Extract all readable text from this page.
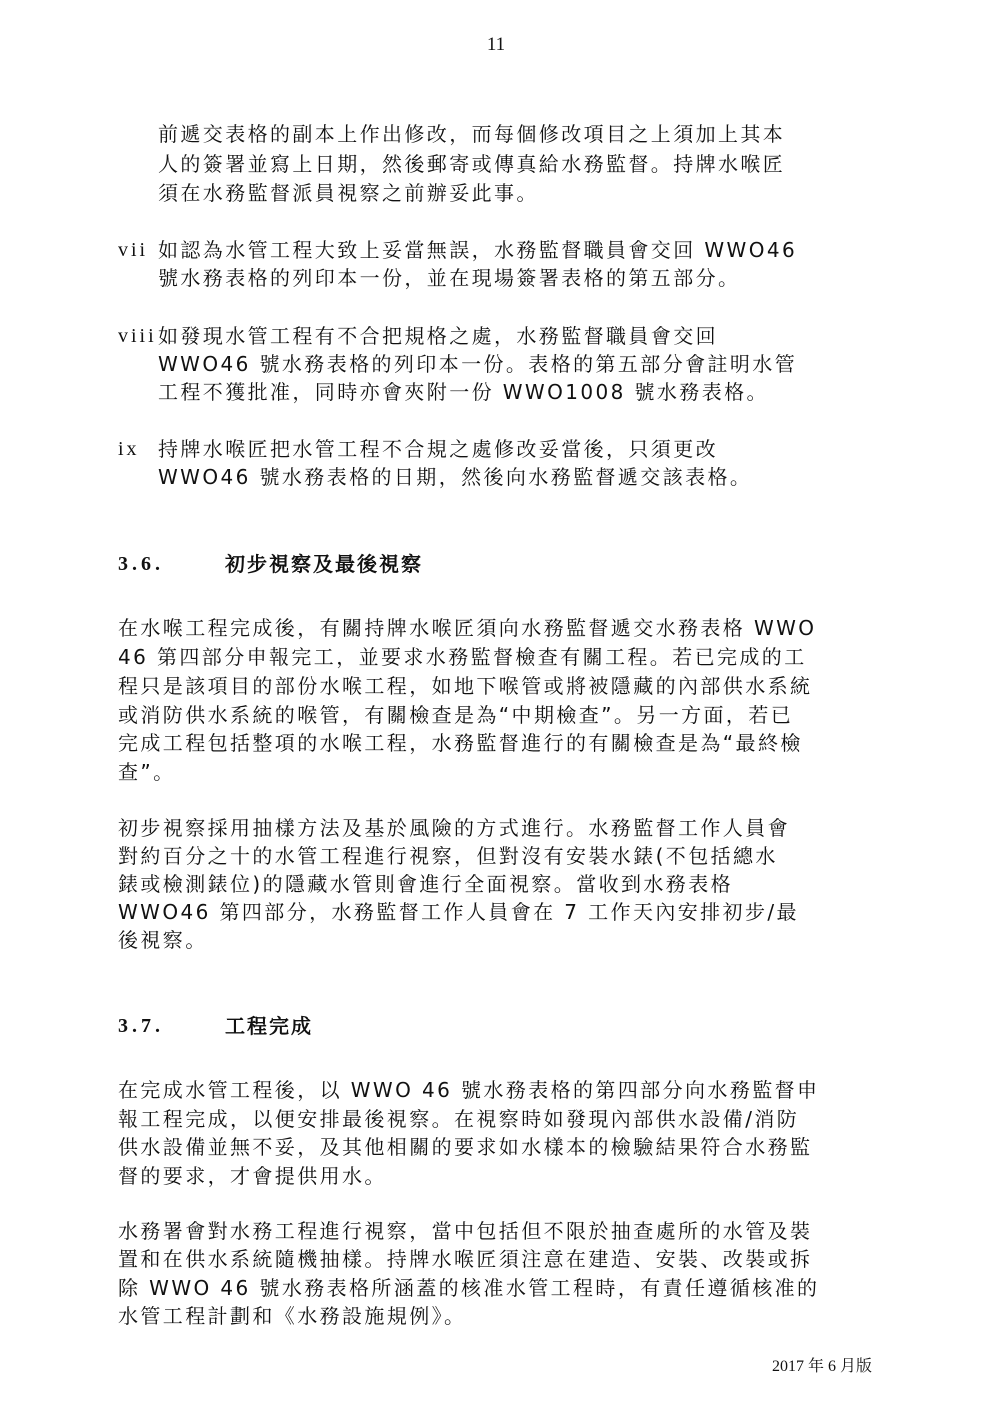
11
前遞交表格的副本上作出修改，而每個修改項目之上須加上其本
人的簽署並寫上日期，然後郵寄或傳真給水務監督。持牌水喉匠
須在水務監督派員視察之前辦妥此事。
vii 如認為水管工程大致上妥當無誤，水務監督職員會交回 WWO46
號水務表格的列印本一份，並在現場簽署表格的第五部分。
viii 如發現水管工程有不合把規格之處，水務監督職員會交回
WWO46 號水務表格的列印本一份。表格的第五部分會註明水管
工程不獲批准，同時亦會夾附一份 WWO1008 號水務表格。
ix 持牌水喉匠把水管工程不合規之處修改妥當後，只須更改
WWO46 號水務表格的日期，然後向水務監督遞交該表格。
3.6.	初步視察及最後視察
在水喉工程完成後，有關持牌水喉匠須向水務監督遞交水務表格 WWO
46 第四部分申報完工，並要求水務監督檢查有關工程。若已完成的工
程只是該項目的部份水喉工程，如地下喉管或將被隱藏的內部供水系統
或消防供水系統的喉管，有關檢查是為“中期檢查”。另一方面，若已
完成工程包括整項的水喉工程，水務監督進行的有關檢查是為“最終檢
查”。
初步視察採用抽樣方法及基於風險的方式進行。水務監督工作人員會
對約百分之十的水管工程進行視察，但對沒有安裝水錶(不包括總水
錶或檢測錶位)的隱藏水管則會進行全面視察。當收到水務表格
WWO46 第四部分，水務監督工作人員會在 7 工作天內安排初步/最
後視察。
3.7.	工程完成
在完成水管工程後，以 WWO 46 號水務表格的第四部分向水務監督申
報工程完成，以便安排最後視察。在視察時如發現內部供水設備/消防
供水設備並無不妥，及其他相關的要求如水樣本的檢驗結果符合水務監
督的要求，才會提供用水。
水務署會對水務工程進行視察，當中包括但不限於抽查處所的水管及裝
置和在供水系統隨機抽樣。持牌水喉匠須注意在建造、安裝、改裝或拆
除 WWO 46 號水務表格所涵蓋的核准水管工程時，有責任遵循核准的
水管工程計劃和《水務設施規例》。
2017 年 6 月版
